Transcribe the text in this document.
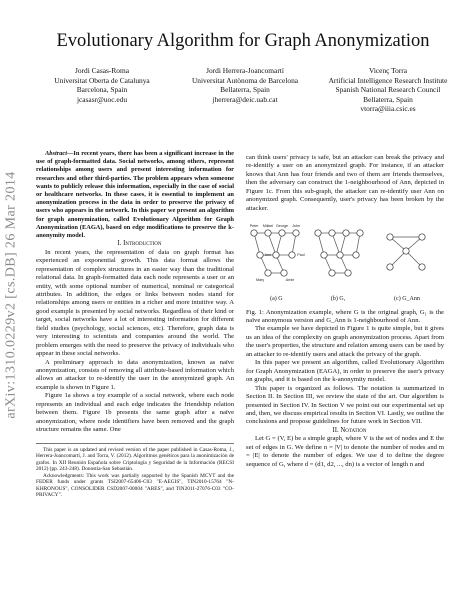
arXiv:1310.0229v2 [cs.DB] 26 Mar 2014
Evolutionary Algorithm for Graph Anonymization
Jordi Casas-Roma
Universitat Oberta de Catalunya
Barcelona, Spain
jcasasr@uoc.edu
Jordi Herrera-Joancomartí
Universitat Autònoma de Barcelona
Bellaterra, Spain
jherrera@deic.uab.cat
Vicenç Torra
Artificial Intelligence Research Institute
Spanish National Research Council
Bellaterra, Spain
vtorra@iiia.csic.es

Abstract—In recent years, there has been a significant increase in the use of graph-formatted data. Social networks, among others, represent relationships among users and present interesting information for researches and other third-parties. The problem appears when someone wants to publicly release this information, especially in the case of social or healthcare networks. In these cases, it is essential to implement an anonymization process in the data in order to preserve the privacy of users who appears in the network. In this paper we present an algorithm for graph anonymization, called Evolutionary Algorithm for Graph Anonymization (EAGA), based on edge modifications to preserve the k-anonymity model.

I. Introduction

In recent years, the representation of data on graph format has experienced an exponential growth. This data format allows the representation of complex structures in an easier way than the traditional relational data. In graph-formatted data each node represents a user or an entity, with some optional number of numerical, nominal or categorical attributes. In addition, the edges or links between nodes stand for relationships among users or entities in a richer and more intuitive way. A good example is presented by social networks. Regardless of their kind or target, social networks have a lot of interesting information for different field studies (psychology, social sciences, etc). Therefore, graph data is very interesting to scientists and companies around the world. The problem emerges with the need to preserve the privacy of individuals who appear in these social networks.

A preliminary approach to data anonymization, known as naïve anonymization, consists of removing all attribute-based information which allows an attacker to re-identify the user in the anonymized graph. An example is shown in Figure 1.

Figure 1a shows a toy example of a social network, where each node represents an individual and each edge indicates the friendship relation between them. Figure 1b presents the same graph after a naïve anonymization, where node identifiers have been removed and the graph structure remains the same. One

This paper is an updated and revised version of the paper published in Casas-Roma, J., Herrera-Joancomartí, J. and Torra, V. (2012). Algoritmos genéticos para la anonimización de grafos. In XII Reunión Española sobre Criptología y Seguridad de la Información (RECSI 2012) (pp. 243-248). Donostia-San Sebastián.

Acknowledgments: This work was partially supported by the Spanish MCYT and the FEDER funds under grants TSI2007-65406-C03 "E-AEGIS", TIN2010-15764 "N-KHRONOUS", CONSOLIDER CSD2007-00004 "ARES", and TIN2011-27076-C03 "CO-PRIVACY".

can think users' privacy is safe, but an attacker can break the privacy and re-identify a user on an anonymized graph. For instance, if an attacker knows that Ann has four friends and two of them are friends themselves, then the adversary can construct the 1-neighbourhood of Ann, depicted in Figure 1c. From this sub-graph, the attacker can re-identify user Ann on anonymized graph. Consequently, user's privacy has been broken by the attacker.

Peter Mikkel George John
Ann	Paul
Mary	Arnie
(a) G	(b) G₁	(c) G_Ann

Fig. 1: Anonymization example, where G is the original graph, G₁ is the naïve anonymous version and G_Ann is 1-neighbourhood of Ann.

The example we have depicted in Figure 1 is quite simple, but it gives us an idea of the complexity on graph anonymization process. Apart from the user's properties, the structure and relation among users can be used by an attacker to re-identify users and attack the privacy of the graph.

In this paper we present an algorithm, called Evolutionary Algorithm for Graph Anonymization (EAGA), in order to preserve the user's privacy on graphs, and it is based on the k-anonymity model.

This paper is organized as follows. The notation is summarized in Section II. In Section III, we review the state of the art. Our algorithm is presented in Section IV. In Section V we point out our experimental set up and, then, we discuss empirical results in Section VI. Lastly, we outline the conclusions and propose guidelines for future work in Section VII.

II. Notation

Let G = (V, E) be a simple graph, where V is the set of nodes and E the set of edges in G. We define n = |V| to denote the number of nodes and m = |E| to denote the number of edges. We use d to define the degree sequence of G, where d = (d1, d2, ..., dn) is a vector of length n and
